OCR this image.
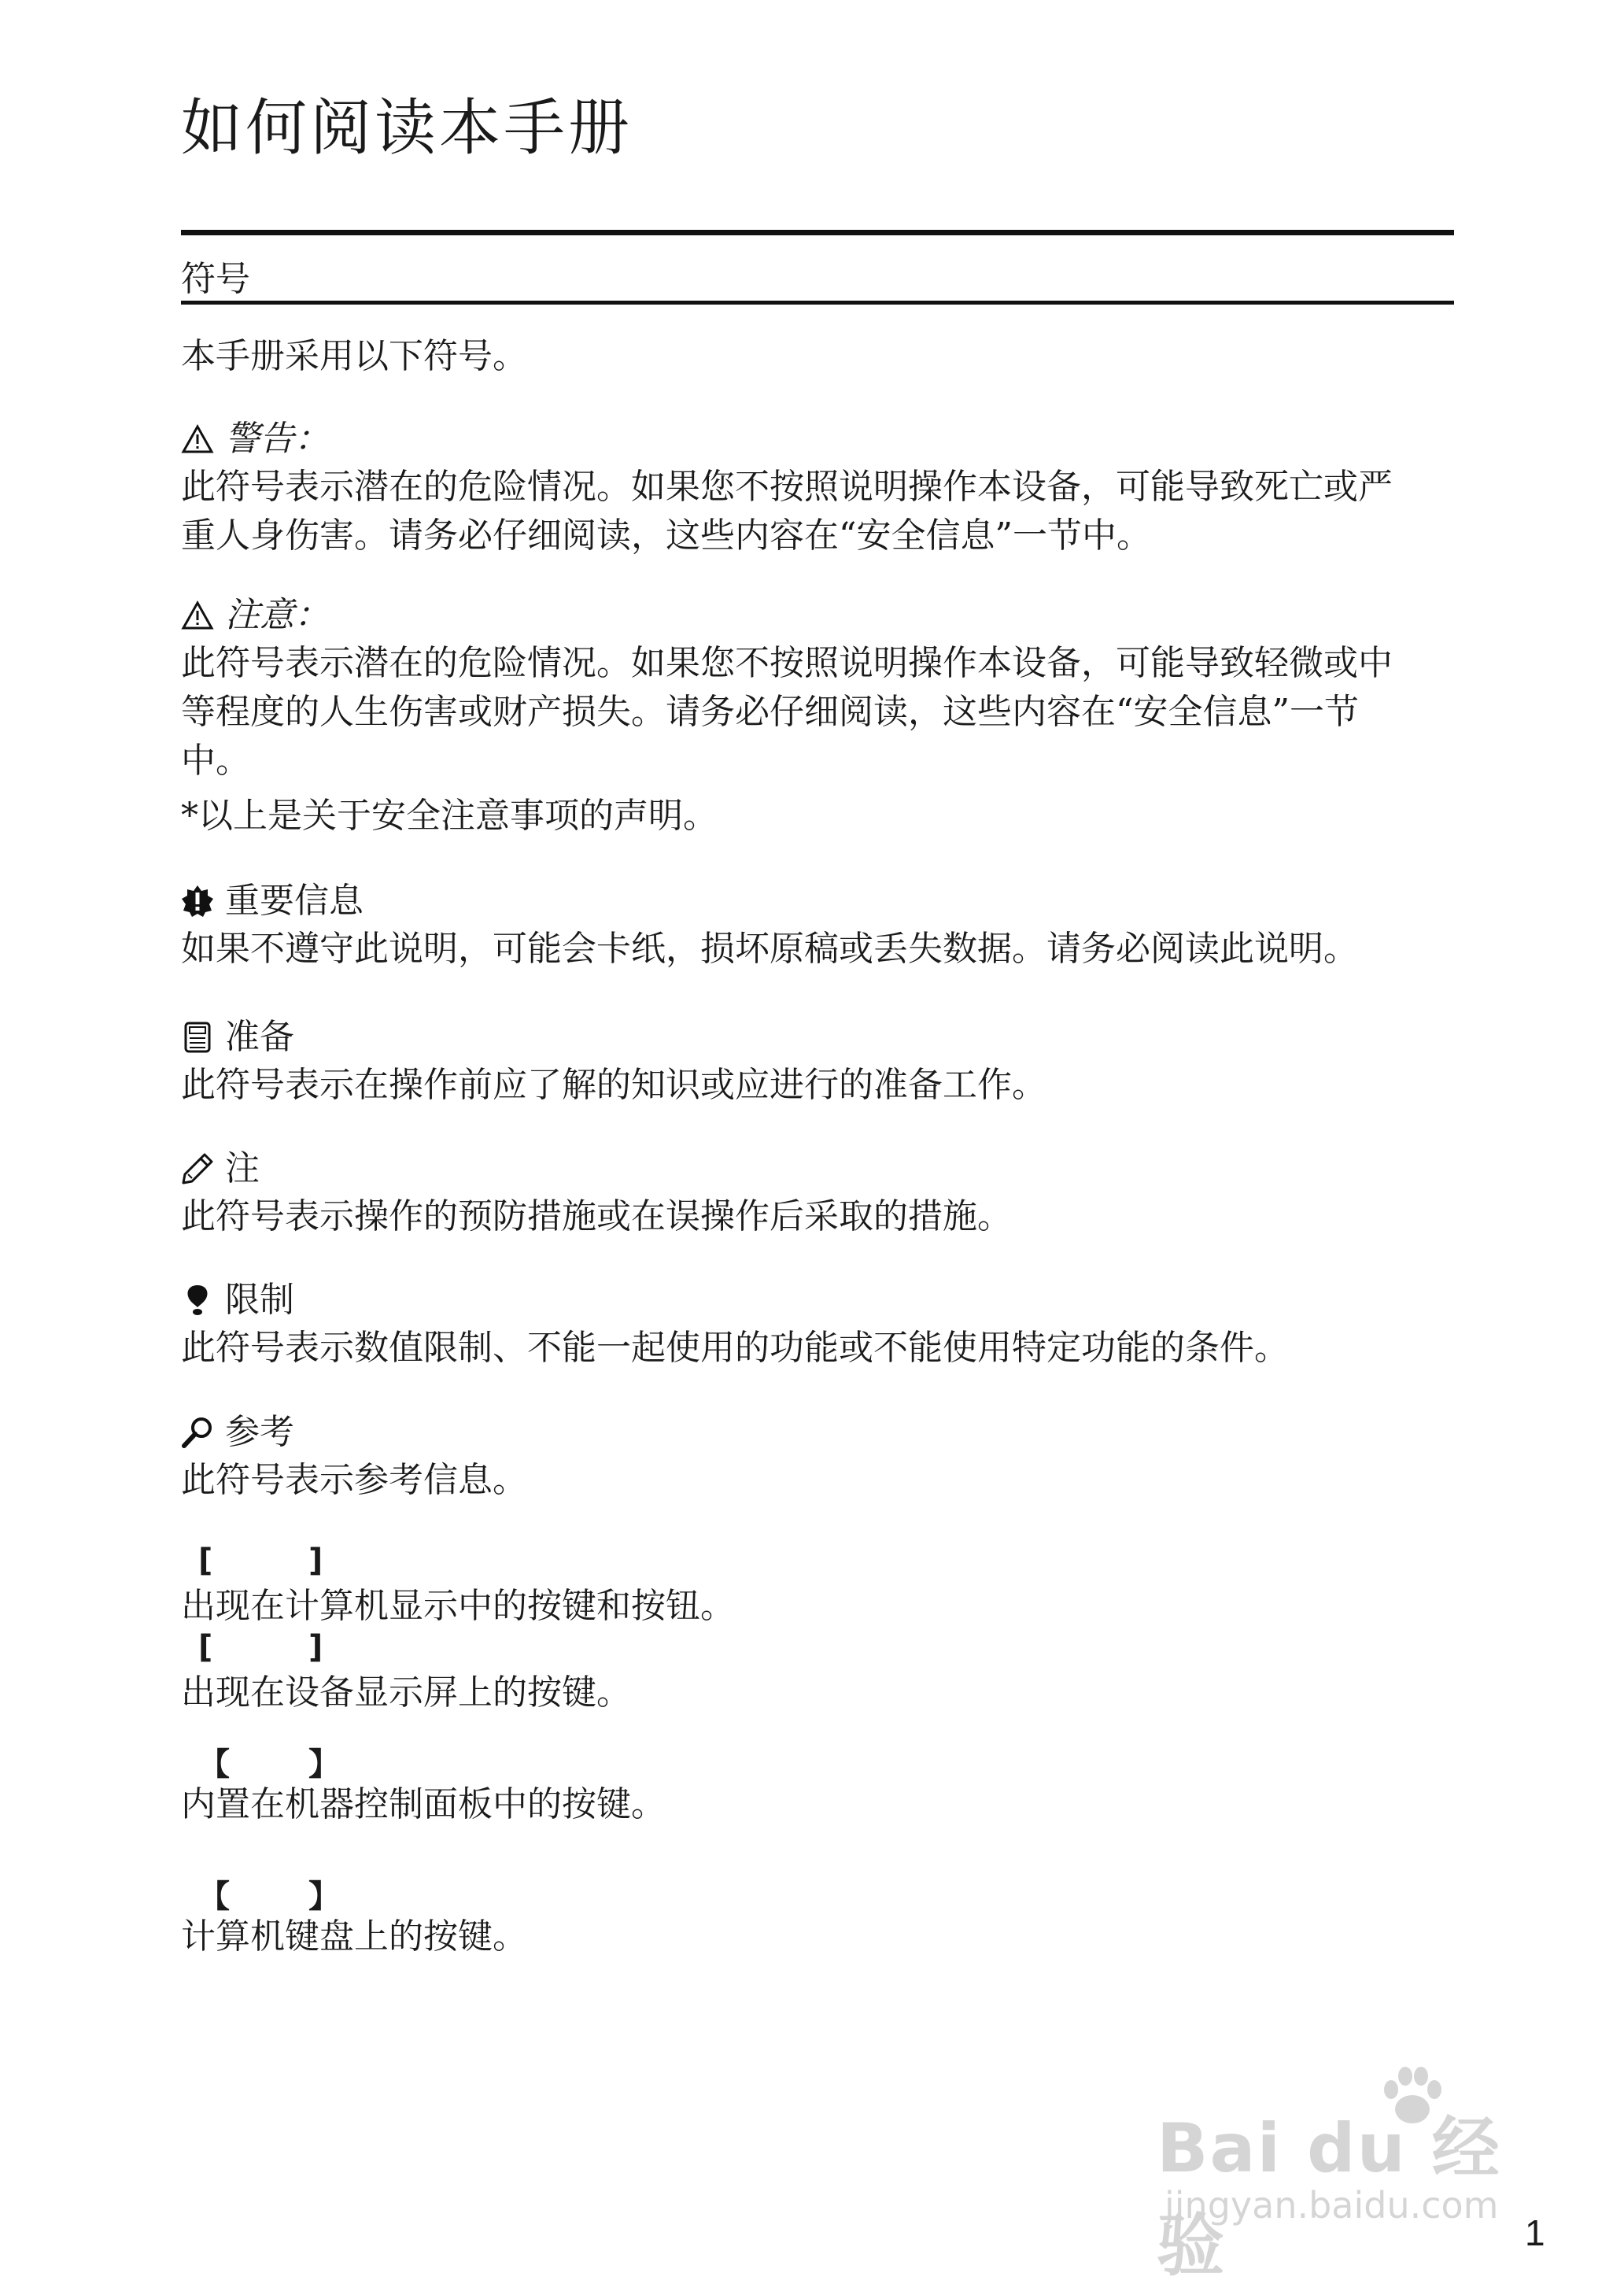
如何阅读本手册
符号

本手册采用以下符号。

警告：

此符号表示潜在的危险情况。如果您不按照说明操作本设备，可能导致死亡或严

重人身伤害。请务必仔细阅读，这些内容在“安全信息”一节中。

注意：

此符号表示潜在的危险情况。如果您不按照说明操作本设备，可能导致轻微或中

等程度的人生伤害或财产损失。请务必仔细阅读，这些内容在“安全信息”一节

中。

*以上是关于安全注意事项的声明。

重要信息

如果不遵守此说明，可能会卡纸，损坏原稿或丢失数据。请务必阅读此说明。

准备

此符号表示在操作前应了解的知识或应进行的准备工作。

注

此符号表示操作的预防措施或在误操作后采取的措施。

限制

此符号表示数值限制、不能一起使用的功能或不能使用特定功能的条件。

参考

此符号表示参考信息。

[	]

出现在计算机显示中的按键和按钮。

[	]

出现在设备显示屏上的按键。

【	】

内置在机器控制面板中的按键。

【	】

计算机键盘上的按键。

Bai du 经验
jingyan.baidu.com
1
